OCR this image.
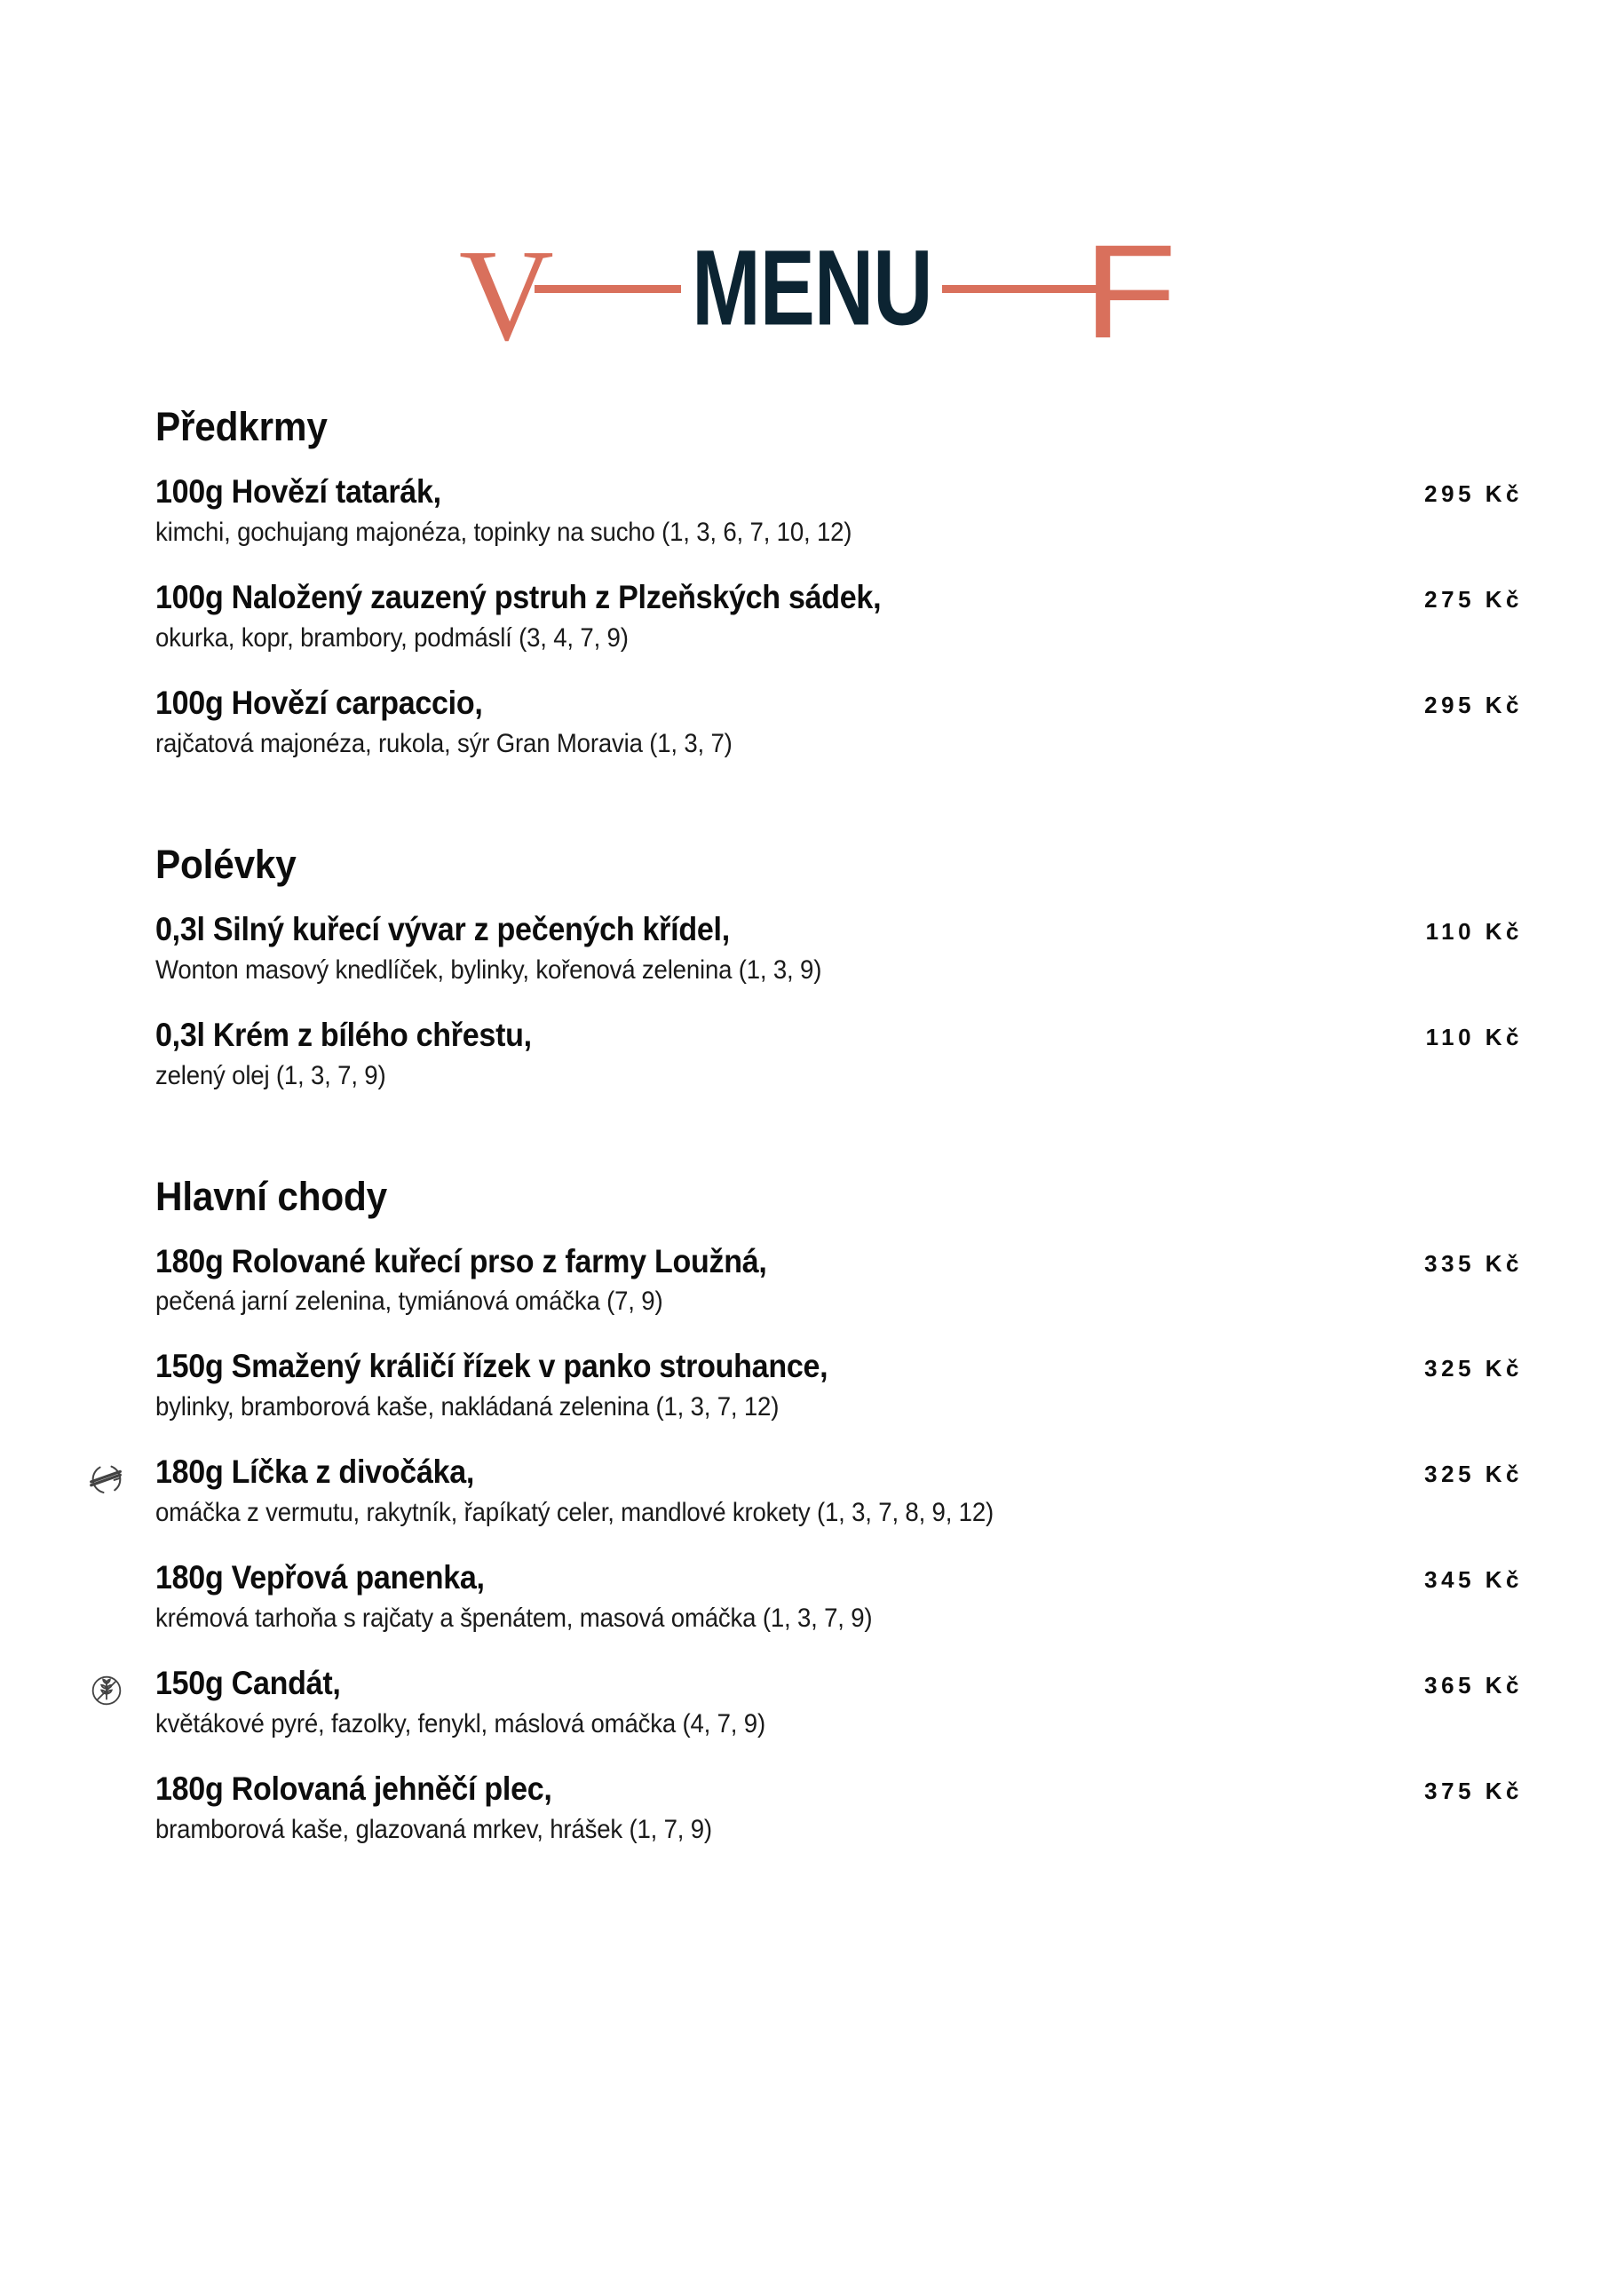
V MENU F
Předkrmy
100g Hovězí tatarák,
kimchi, gochujang majonéza, topinky na sucho (1, 3, 6, 7, 10, 12)
295 Kč
100g Naložený zauzený pstruh z Plzeňských sádek,
okurka, kopr, brambory, podmáslí (3, 4, 7, 9)
275 Kč
100g Hovězí carpaccio,
rajčatová majonéza, rukola, sýr Gran Moravia (1, 3, 7)
295 Kč
Polévky
0,3l Silný kuřecí vývar z pečených křídel,
Wonton masový knedlíček, bylinky, kořenová zelenina (1, 3, 9)
110 Kč
0,3l Krém z bílého chřestu,
zelený olej (1, 3, 7, 9)
110 Kč
Hlavní chody
180g Rolované kuřecí prso z farmy Loužná,
pečená jarní zelenina, tymiánová omáčka (7, 9)
335 Kč
150g Smažený králičí řízek v panko strouhance,
bylinky, bramborová kaše, nakládaná zelenina (1, 3, 7, 12)
325 Kč
180g Líčka z divočáka,
omáčka z vermutu, rakytník, řapíkatý celer, mandlové krokety (1, 3, 7, 8, 9, 12)
325 Kč
180g Vepřová panenka,
krémová tarhoňa s rajčaty a špenátem, masová omáčka (1, 3, 7, 9)
345 Kč
150g Candát,
květákové pyré, fazolky, fenykl, máslová omáčka (4, 7, 9)
365 Kč
180g Rolovaná jehněčí plec,
bramborová kaše, glazovaná mrkev, hrášek (1, 7, 9)
375 Kč
